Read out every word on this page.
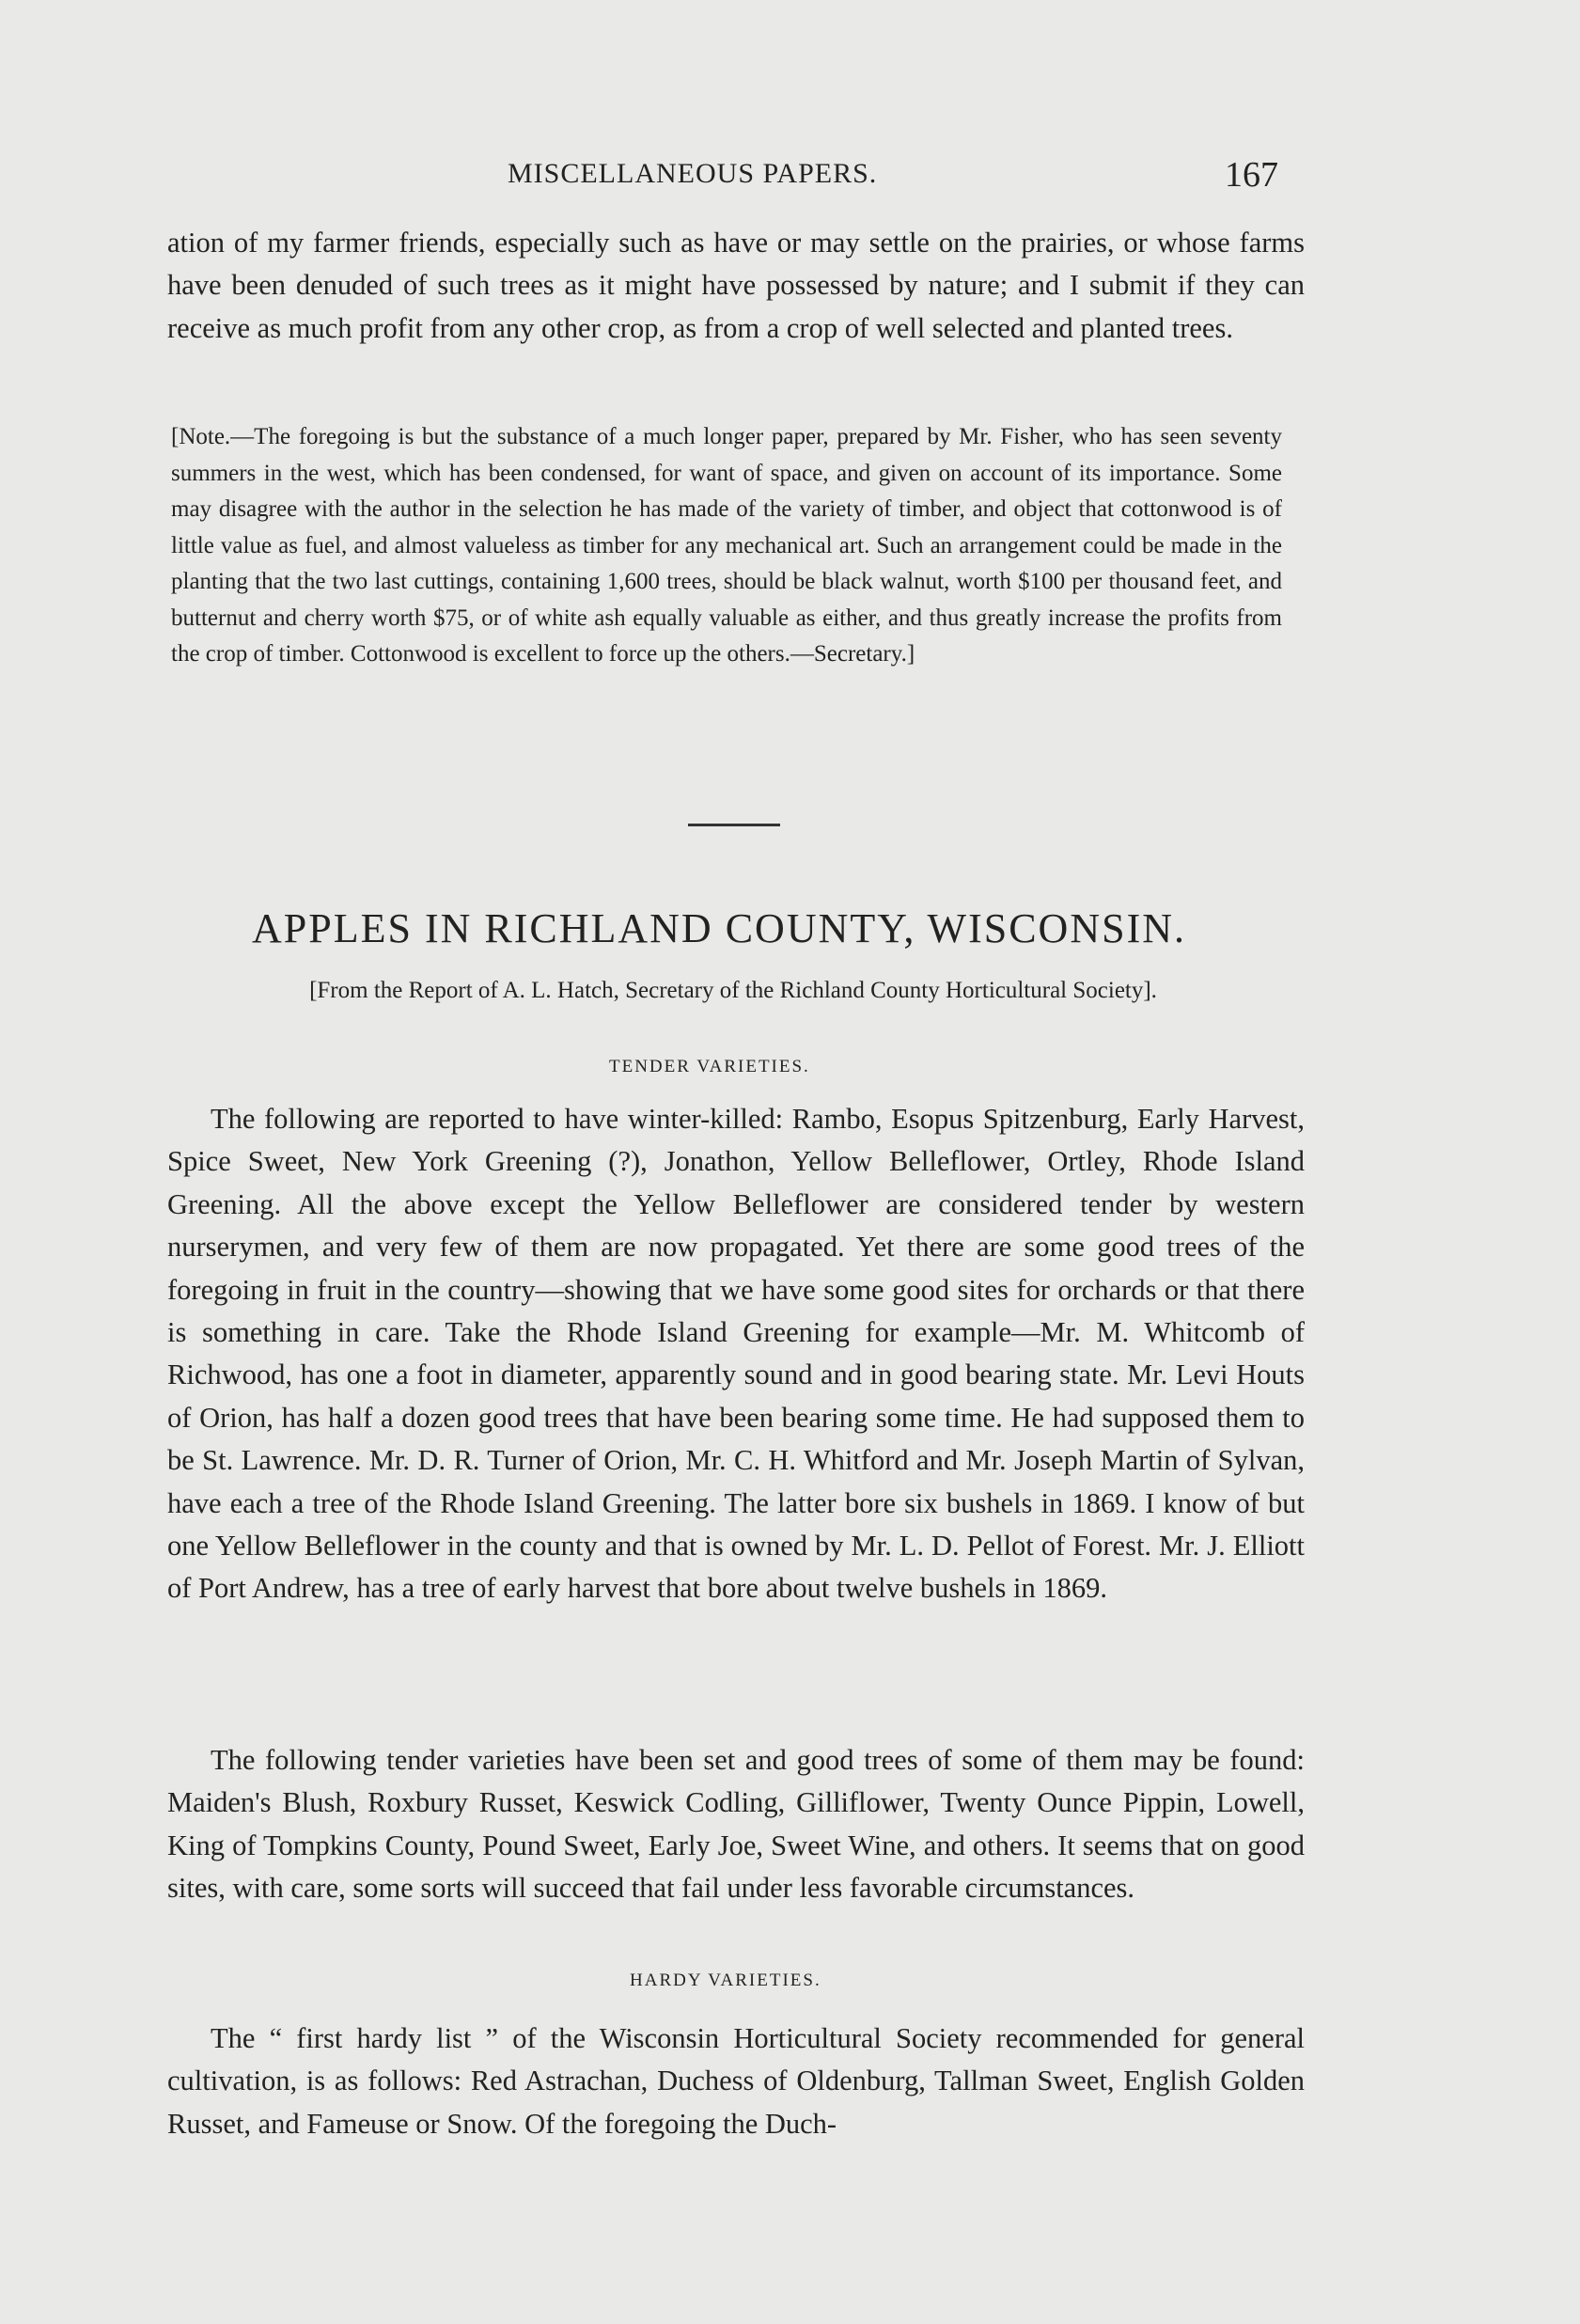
MISCELLANEOUS PAPERS.	167

ation of my farmer friends, especially such as have or may settle on the prairies, or whose farms have been denuded of such trees as it might have possessed by nature; and I submit if they can receive as much profit from any other crop, as from a crop of well selected and planted trees.

[Note.—The foregoing is but the substance of a much longer paper, prepared by Mr. Fisher, who has seen seventy summers in the west, which has been condensed, for want of space, and given on account of its importance. Some may disagree with the author in the selection he has made of the variety of timber, and object that cottonwood is of little value as fuel, and almost valueless as timber for any mechanical art. Such an arrangement could be made in the planting that the two last cuttings, containing 1,600 trees, should be black walnut, worth $100 per thousand feet, and butternut and cherry worth $75, or of white ash equally valuable as either, and thus greatly increase the profits from the crop of timber. Cottonwood is excellent to force up the others.—Secretary.]

APPLES IN RICHLAND COUNTY, WISCONSIN.

[From the Report of A. L. Hatch, Secretary of the Richland County Horticultural Society].

TENDER VARIETIES.

The following are reported to have winter-killed: Rambo, Esopus Spitzenburg, Early Harvest, Spice Sweet, New York Greening (?), Jonathon, Yellow Belleflower, Ortley, Rhode Island Greening. All the above except the Yellow Belleflower are considered tender by western nurserymen, and very few of them are now propagated. Yet there are some good trees of the foregoing in fruit in the country—showing that we have some good sites for orchards or that there is something in care. Take the Rhode Island Greening for example—Mr. M. Whitcomb of Richwood, has one a foot in diameter, apparently sound and in good bearing state. Mr. Levi Houts of Orion, has half a dozen good trees that have been bearing some time. He had supposed them to be St. Lawrence. Mr. D. R. Turner of Orion, Mr. C. H. Whitford and Mr. Joseph Martin of Sylvan, have each a tree of the Rhode Island Greening. The latter bore six bushels in 1869. I know of but one Yellow Belleflower in the county and that is owned by Mr. L. D. Pellot of Forest. Mr. J. Elliott of Port Andrew, has a tree of early harvest that bore about twelve bushels in 1869.

The following tender varieties have been set and good trees of some of them may be found: Maiden's Blush, Roxbury Russet, Keswick Codling, Gilliflower, Twenty Ounce Pippin, Lowell, King of Tompkins County, Pound Sweet, Early Joe, Sweet Wine, and others. It seems that on good sites, with care, some sorts will succeed that fail under less favorable circumstances.

HARDY VARIETIES.

The “ first hardy list ” of the Wisconsin Horticultural Society recommended for general cultivation, is as follows: Red Astrachan, Duchess of Oldenburg, Tallman Sweet, English Golden Russet, and Fameuse or Snow. Of the foregoing the Duch-
